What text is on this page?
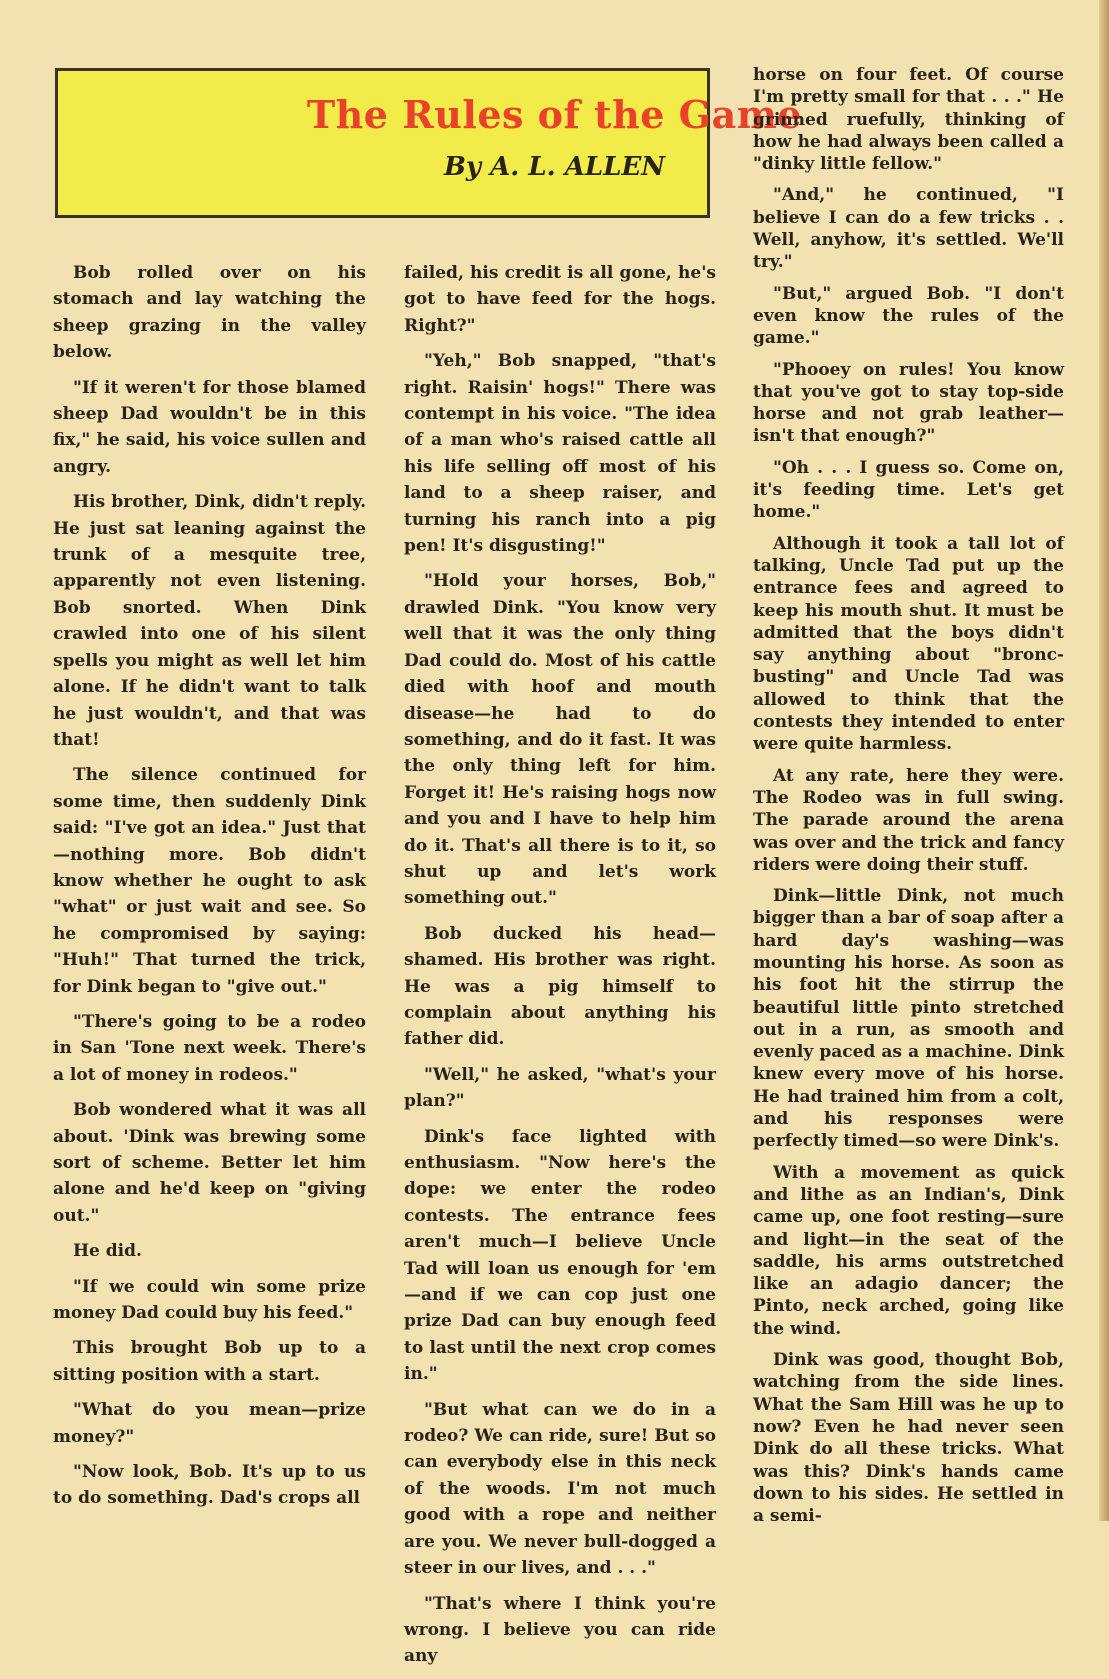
The Rules of the Game
By A. L. ALLEN

Bob rolled over on his stomach and lay watching the sheep grazing in the valley below.

"If it weren't for those blamed sheep Dad wouldn't be in this fix," he said, his voice sullen and angry.

His brother, Dink, didn't reply. He just sat leaning against the trunk of a mesquite tree, apparently not even listening. Bob snorted. When Dink crawled into one of his silent spells you might as well let him alone. If he didn't want to talk he just wouldn't, and that was that!

The silence continued for some time, then suddenly Dink said: "I've got an idea." Just that—nothing more. Bob didn't know whether he ought to ask "what" or just wait and see. So he compromised by saying: "Huh!" That turned the trick, for Dink began to "give out."

"There's going to be a rodeo in San 'Tone next week. There's a lot of money in rodeos."

Bob wondered what it was all about. 'Dink was brewing some sort of scheme. Better let him alone and he'd keep on "giving out."

He did.

"If we could win some prize money Dad could buy his feed."

This brought Bob up to a sitting position with a start.

"What do you mean—prize money?"

"Now look, Bob. It's up to us to do something. Dad's crops all

failed, his credit is all gone, he's got to have feed for the hogs. Right?"

"Yeh," Bob snapped, "that's right. Raisin' hogs!" There was contempt in his voice. "The idea of a man who's raised cattle all his life selling off most of his land to a sheep raiser, and turning his ranch into a pig pen! It's disgusting!"

"Hold your horses, Bob," drawled Dink. "You know very well that it was the only thing Dad could do. Most of his cattle died with hoof and mouth disease—he had to do something, and do it fast. It was the only thing left for him. Forget it! He's raising hogs now and you and I have to help him do it. That's all there is to it, so shut up and let's work something out."

Bob ducked his head—shamed. His brother was right. He was a pig himself to complain about anything his father did.

"Well," he asked, "what's your plan?"

Dink's face lighted with enthusiasm. "Now here's the dope: we enter the rodeo contests. The entrance fees aren't much—I believe Uncle Tad will loan us enough for 'em—and if we can cop just one prize Dad can buy enough feed to last until the next crop comes in."

"But what can we do in a rodeo? We can ride, sure! But so can everybody else in this neck of the woods. I'm not much good with a rope and neither are you. We never bull-dogged a steer in our lives, and . . ."

"That's where I think you're wrong. I believe you can ride any

horse on four feet. Of course I'm pretty small for that . . ." He grinned ruefully, thinking of how he had always been called a "dinky little fellow."

"And," he continued, "I believe I can do a few tricks . . Well, anyhow, it's settled. We'll try."

"But," argued Bob. "I don't even know the rules of the game."

"Phooey on rules! You know that you've got to stay top-side horse and not grab leather—isn't that enough?"

"Oh . . . I guess so. Come on, it's feeding time. Let's get home."

Although it took a tall lot of talking, Uncle Tad put up the entrance fees and agreed to keep his mouth shut. It must be admitted that the boys didn't say anything about "bronc-busting" and Uncle Tad was allowed to think that the contests they intended to enter were quite harmless.

At any rate, here they were. The Rodeo was in full swing. The parade around the arena was over and the trick and fancy riders were doing their stuff.

Dink—little Dink, not much bigger than a bar of soap after a hard day's washing—was mounting his horse. As soon as his foot hit the stirrup the beautiful little pinto stretched out in a run, as smooth and evenly paced as a machine. Dink knew every move of his horse. He had trained him from a colt, and his responses were perfectly timed—so were Dink's.

With a movement as quick and lithe as an Indian's, Dink came up, one foot resting—sure and light—in the seat of the saddle, his arms outstretched like an adagio dancer; the Pinto, neck arched, going like the wind.

Dink was good, thought Bob, watching from the side lines. What the Sam Hill was he up to now? Even he had never seen Dink do all these tricks. What was this? Dink's hands came down to his sides. He settled in a semi-
